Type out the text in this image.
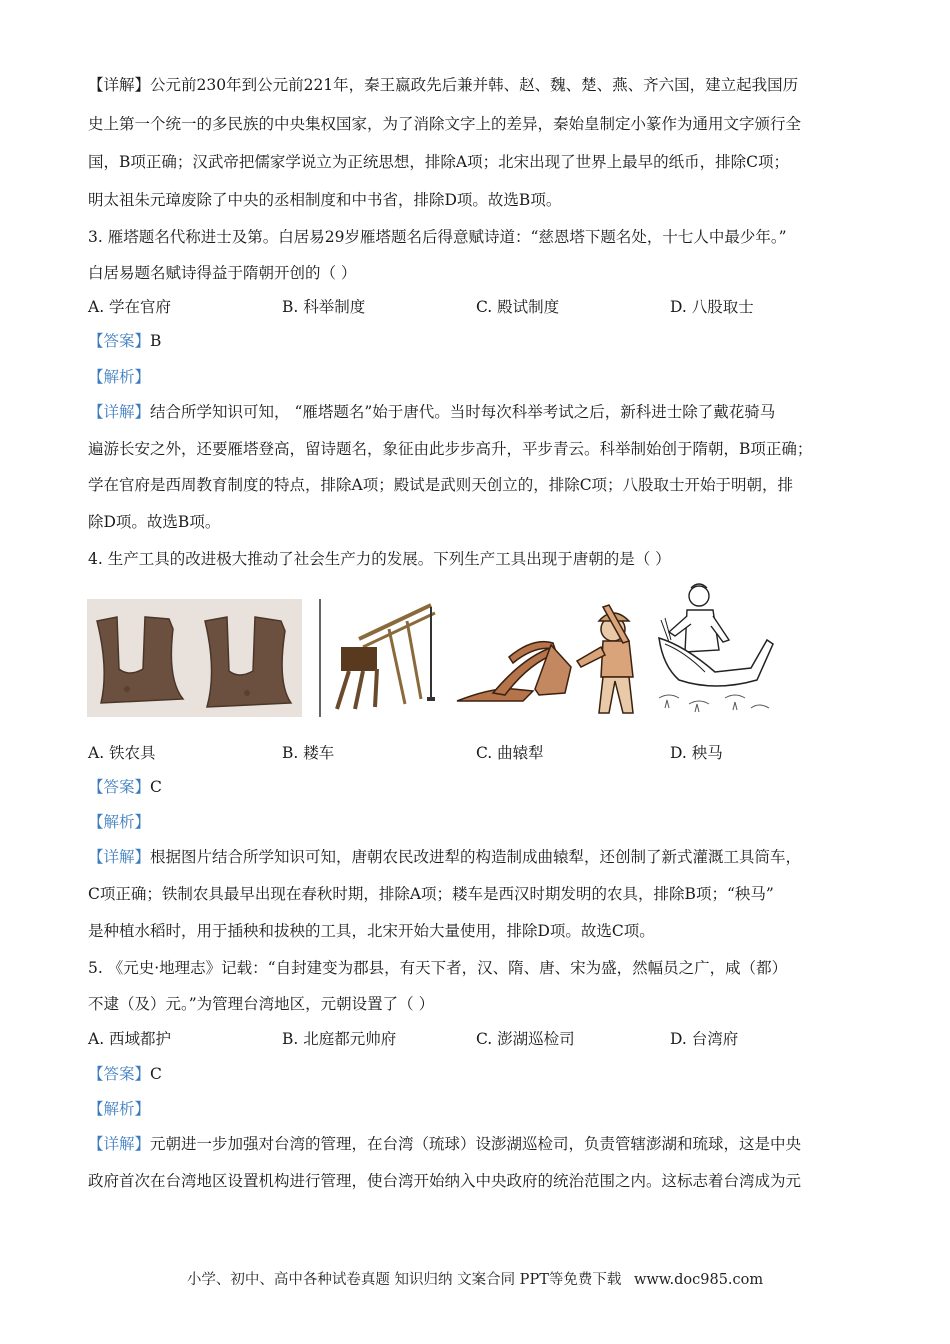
【详解】公元前230年到公元前221年，秦王嬴政先后兼并韩、赵、魏、楚、燕、齐六国，建立起我国历
史上第一个统一的多民族的中央集权国家，为了消除文字上的差异，秦始皇制定小篆作为通用文字颁行全
国，B项正确；汉武帝把儒家学说立为正统思想，排除A项；北宋出现了世界上最早的纸币，排除C项；
明太祖朱元璋废除了中央的丞相制度和中书省，排除D项。故选B项。
3. 雁塔题名代称进士及第。白居易29岁雁塔题名后得意赋诗道：“慈恩塔下题名处，十七人中最少年。”
白居易题名赋诗得益于隋朝开创的（ ）
A. 学在官府	B. 科举制度	C. 殿试制度	D. 八股取士
【答案】B
【解析】
【详解】结合所学知识可知， “雁塔题名”始于唐代。当时每次科举考试之后，新科进士除了戴花骑马
遍游长安之外，还要雁塔登高，留诗题名，象征由此步步高升，平步青云。科举制始创于隋朝，B项正确；
学在官府是西周教育制度的特点，排除A项；殿试是武则天创立的，排除C项；八股取士开始于明朝，排
除D项。故选B项。
4. 生产工具的改进极大推动了社会生产力的发展。下列生产工具出现于唐朝的是（ ）
A. 铁农具	B. 耧车	C. 曲辕犁	D. 秧马
【答案】C
【解析】
【详解】根据图片结合所学知识可知，唐朝农民改进犁的构造制成曲辕犁，还创制了新式灌溉工具筒车，
C项正确；铁制农具最早出现在春秋时期，排除A项；耧车是西汉时期发明的农具，排除B项；“秧马”
是种植水稻时，用于插秧和拔秧的工具，北宋开始大量使用，排除D项。故选C项。
5. 《元史·地理志》记载：“自封建变为郡县，有天下者，汉、隋、唐、宋为盛，然幅员之广，咸（都）
不逮（及）元。”为管理台湾地区，元朝设置了（ ）
A. 西域都护	B. 北庭都元帅府	C. 澎湖巡检司	D. 台湾府
【答案】C
【解析】
【详解】元朝进一步加强对台湾的管理，在台湾（琉球）设澎湖巡检司，负责管辖澎湖和琉球，这是中央
政府首次在台湾地区设置机构进行管理，使台湾开始纳入中央政府的统治范围之内。这标志着台湾成为元
小学、初中、高中各种试卷真题 知识归纳 文案合同 PPT等免费下载 www.doc985.com
